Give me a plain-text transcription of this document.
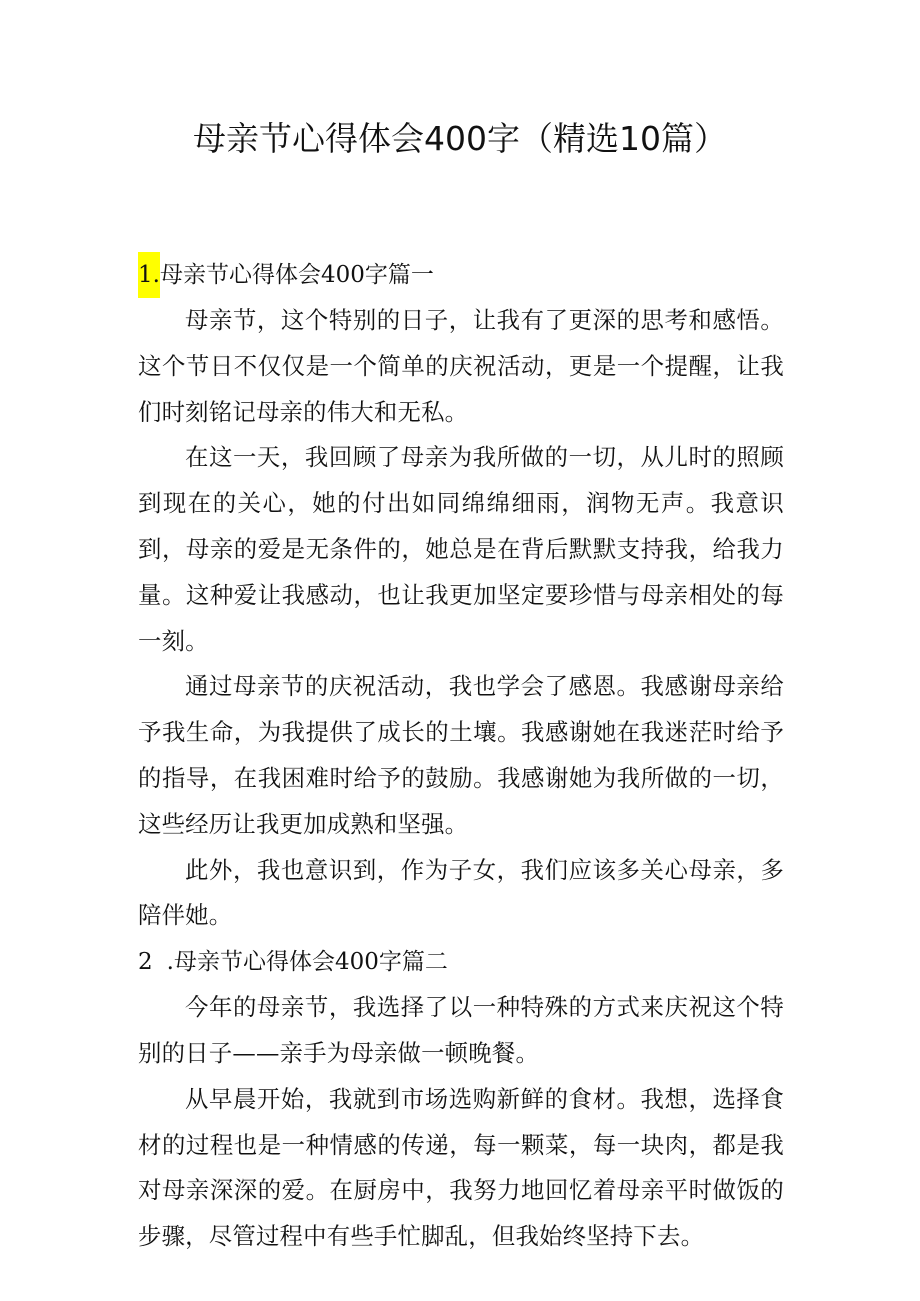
母亲节心得体会400字（精选10篇）
1.母亲节心得体会400字篇一

母亲节，这个特别的日子，让我有了更深的思考和感悟。这个节日不仅仅是一个简单的庆祝活动，更是一个提醒，让我们时刻铭记母亲的伟大和无私。

在这一天，我回顾了母亲为我所做的一切，从儿时的照顾到现在的关心，她的付出如同绵绵细雨，润物无声。我意识到，母亲的爱是无条件的，她总是在背后默默支持我，给我力量。这种爱让我感动，也让我更加坚定要珍惜与母亲相处的每一刻。

通过母亲节的庆祝活动，我也学会了感恩。我感谢母亲给予我生命，为我提供了成长的土壤。我感谢她在我迷茫时给予的指导，在我困难时给予的鼓励。我感谢她为我所做的一切，这些经历让我更加成熟和坚强。

此外，我也意识到，作为子女，我们应该多关心母亲，多陪伴她。

2 .母亲节心得体会400字篇二

今年的母亲节，我选择了以一种特殊的方式来庆祝这个特别的日子——亲手为母亲做一顿晚餐。

从早晨开始，我就到市场选购新鲜的食材。我想，选择食材的过程也是一种情感的传递，每一颗菜，每一块肉，都是我对母亲深深的爱。在厨房中，我努力地回忆着母亲平时做饭的步骤，尽管过程中有些手忙脚乱，但我始终坚持下去。
